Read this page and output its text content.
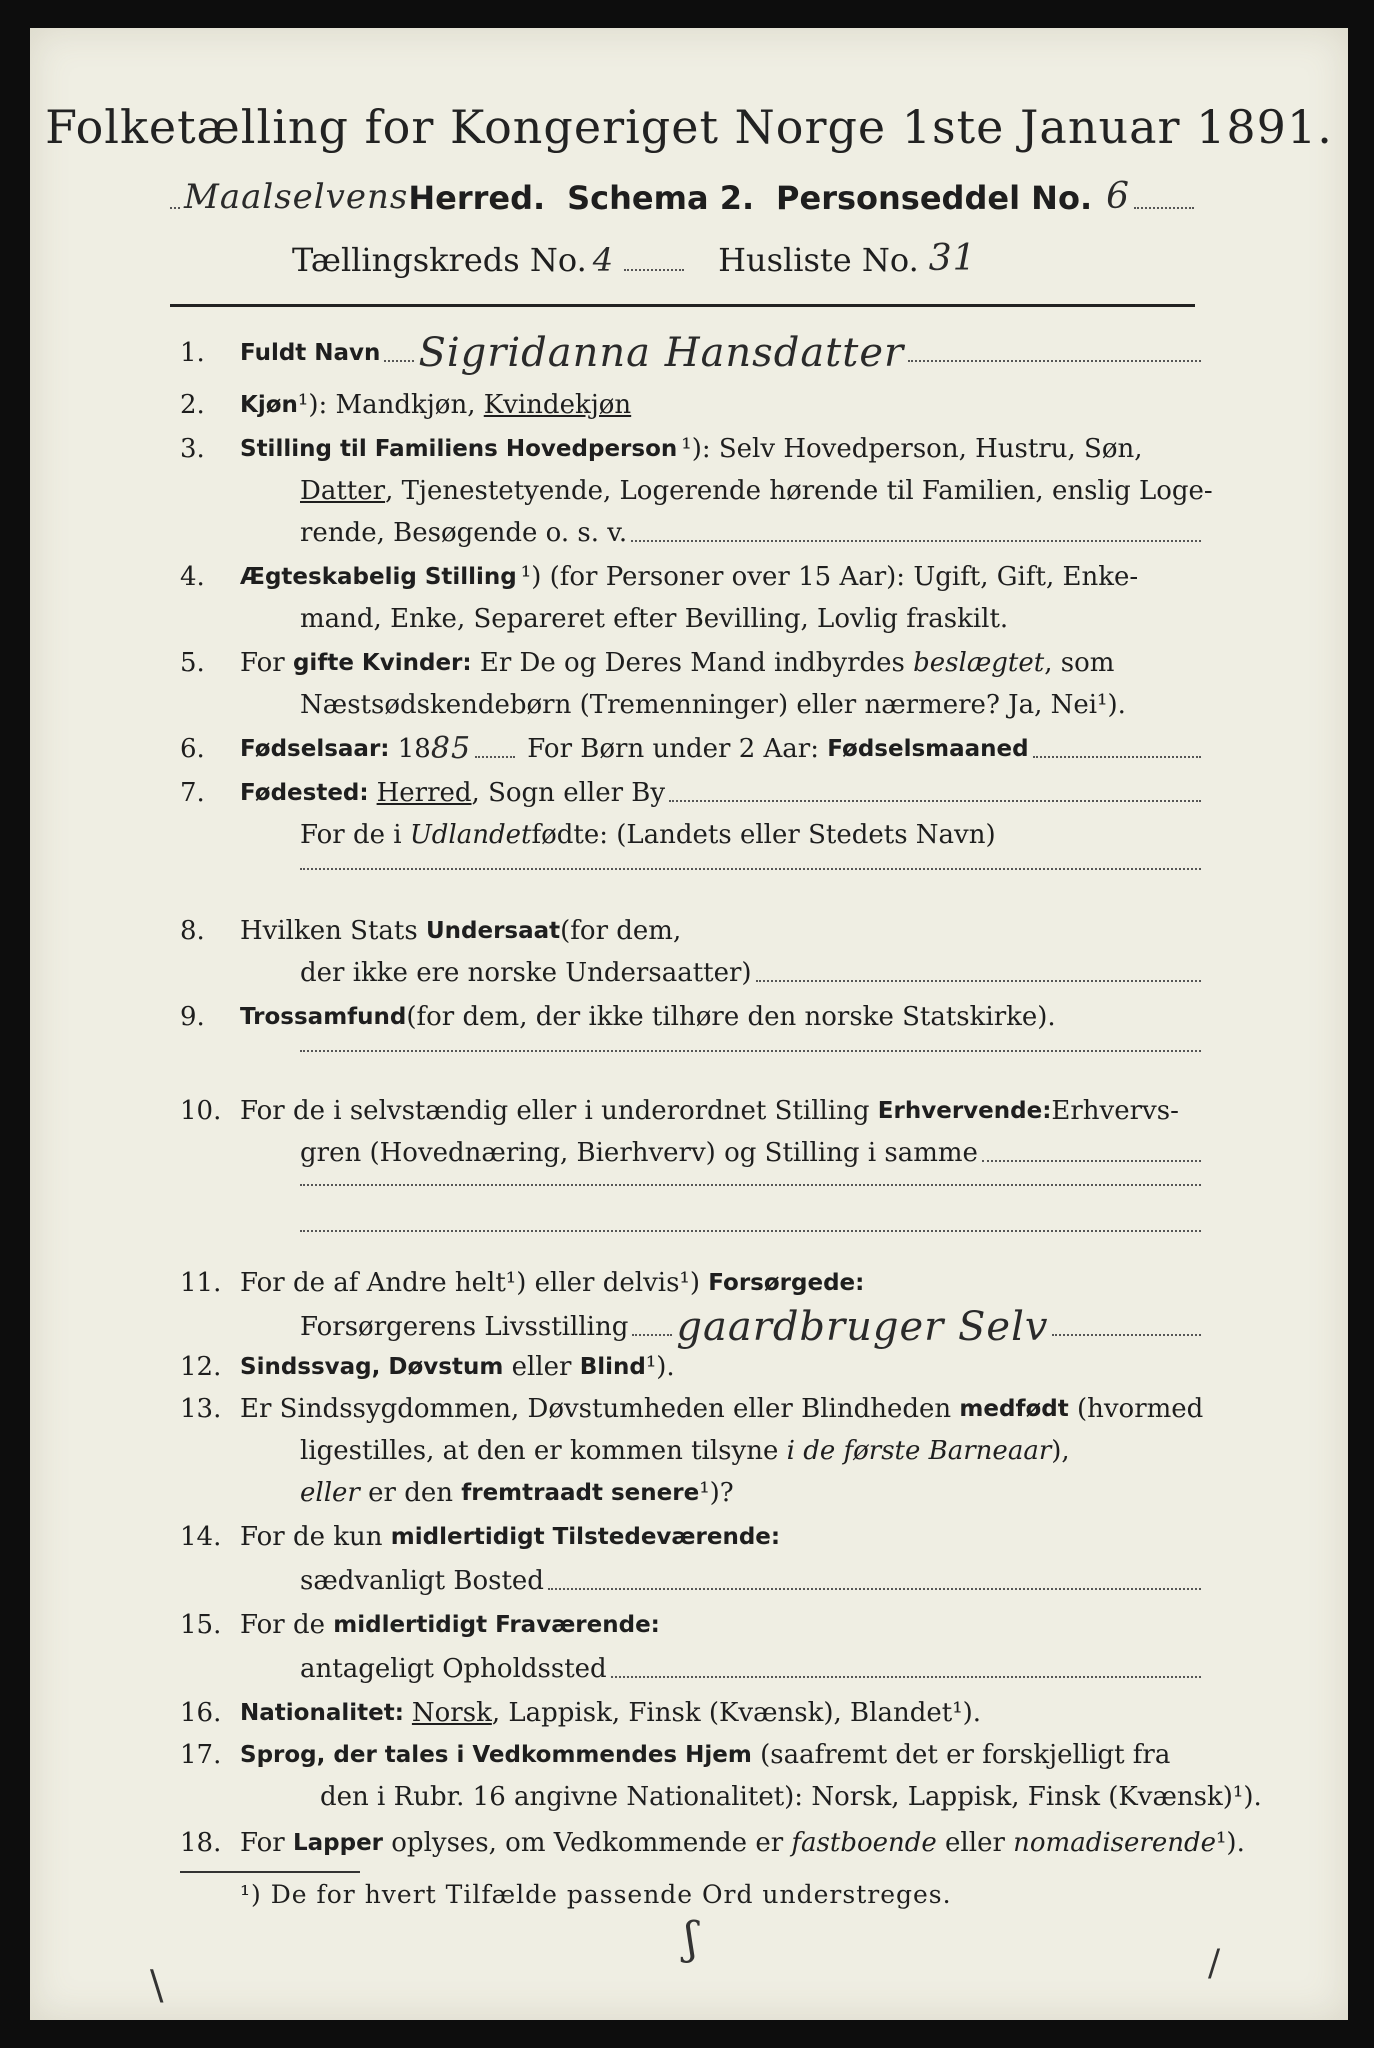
Folketælling for Kongeriget Norge 1ste Januar 1891.
Maalselvens Herred. Schema 2. Personseddel No. 6
Tællingskreds No. 4	Husliste No. 31
1.	Fuldt Navn Sigridanna Hansdatter
2.	Kjøn ¹): Mandkjøn, Kvindekjøn
3.	Stilling til Familiens Hovedperson ¹): Selv Hovedperson, Hustru, Søn,
Datter , Tjenestetyende, Logerende hørende til Familien, enslig Loge-
rende, Besøgende o. s. v.
4.	Ægteskabelig Stilling ¹) (for Personer over 15 Aar): Ugift, Gift, Enke-
mand, Enke, Separeret efter Bevilling, Lovlig fraskilt.
5.	For gifte Kvinder: Er De og Deres Mand indbyrdes beslægtet , som
Næstsødskendebørn (Tremenninger) eller nærmere? Ja, Nei¹).
6.	Fødselsaar: 18 85 For Børn under 2 Aar: Fødselsmaaned
7.	Fødested: Herred , Sogn eller By
For de i Udlandet fødte: (Landets eller Stedets Navn)
8.	Hvilken Stats Undersaat (for dem,
der ikke ere norske Undersaatter)
9.	Trossamfund (for dem, der ikke tilhøre den norske Statskirke).
10. For de i selvstændig eller i underordnet Stilling Erhvervende: Erhvervs-
gren (Hovednæring, Bierhverv) og Stilling i samme
11. For de af Andre helt¹) eller delvis¹) Forsørgede:
Forsørgerens Livsstilling gaardbruger Selv
12. Sindssvag, Døvstum eller Blind ¹).
13. Er Sindssygdommen, Døvstumheden eller Blindheden medfødt (hvormed
ligestilles, at den er kommen tilsyne i de første Barneaar ),
eller er den fremtraadt senere ¹)?
14. For de kun midlertidigt Tilstedeværende:
sædvanligt Bosted
15. For de midlertidigt Fraværende:
antageligt Opholdssted
16. Nationalitet: Norsk , Lappisk, Finsk (Kvænsk), Blandet¹).
17. Sprog, der tales i Vedkommendes Hjem (saafremt det er forskjelligt fra
den i Rubr. 16 angivne Nationalitet): Norsk, Lappisk, Finsk (Kvænsk)¹).
18. For Lapper oplyses, om Vedkommende er fastboende eller nomadiserende ¹).
¹) De for hvert Tilfælde passende Ord understreges.
\
ʃ	/
